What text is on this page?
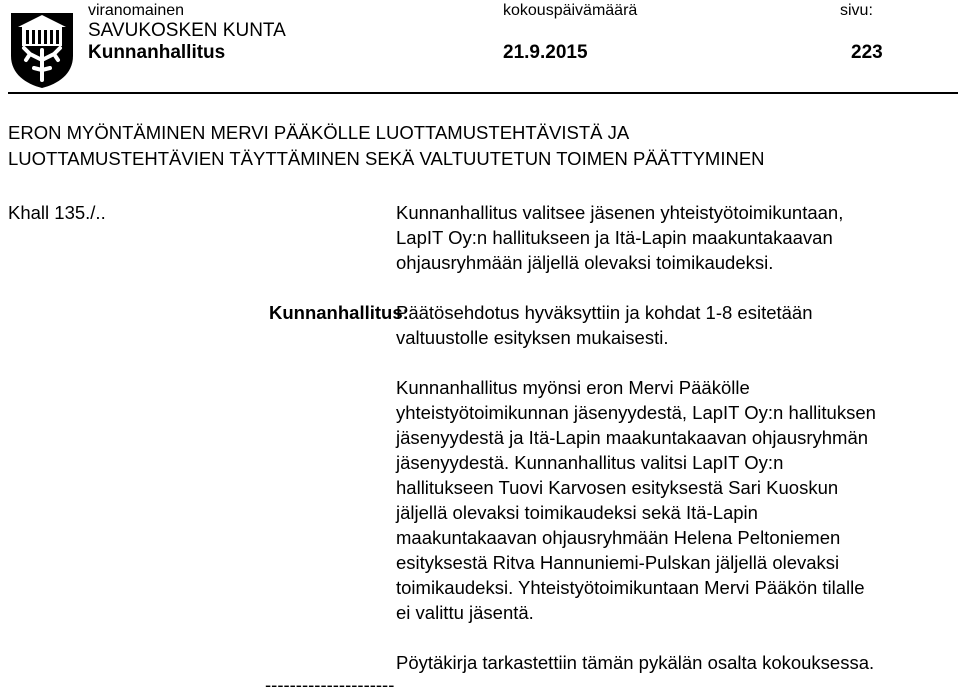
viranomainen	kokouspäivämäärä	sivu:
SAVUKOSKEN KUNTA
Kunnanhallitus	21.9.2015	223
ERON MYÖNTÄMINEN MERVI PÄÄKÖLLE LUOTTAMUSTEHTÄVISTÄ JA
LUOTTAMUSTEHTÄVIEN TÄYTTÄMINEN SEKÄ VALTUUTETUN TOIMEN PÄÄTTYMINEN
Khall 135./..	Kunnanhallitus valitsee jäsenen yhteistyötoimikuntaan,
LapIT Oy:n hallitukseen ja Itä-Lapin maakuntakaavan
ohjausryhmään jäljellä olevaksi toimikaudeksi.
Kunnanhallitus:
Päätösehdotus hyväksyttiin ja kohdat 1-8 esitetään
valtuustolle esityksen mukaisesti.
Kunnanhallitus myönsi eron Mervi Pääkölle
yhteistyötoimikunnan jäsenyydestä, LapIT Oy:n hallituksen
jäsenyydestä ja Itä-Lapin maakuntakaavan ohjausryhmän
jäsenyydestä. Kunnanhallitus valitsi LapIT Oy:n
hallitukseen Tuovi Karvosen esityksestä Sari Kuoskun
jäljellä olevaksi toimikaudeksi sekä Itä-Lapin
maakuntakaavan ohjausryhmään Helena Peltoniemen
esityksestä Ritva Hannuniemi-Pulskan jäljellä olevaksi
toimikaudeksi. Yhteistyötoimikuntaan Mervi Pääkön tilalle
ei valittu jäsentä.
Pöytäkirja tarkastettiin tämän pykälän osalta kokouksessa.
---------------------
